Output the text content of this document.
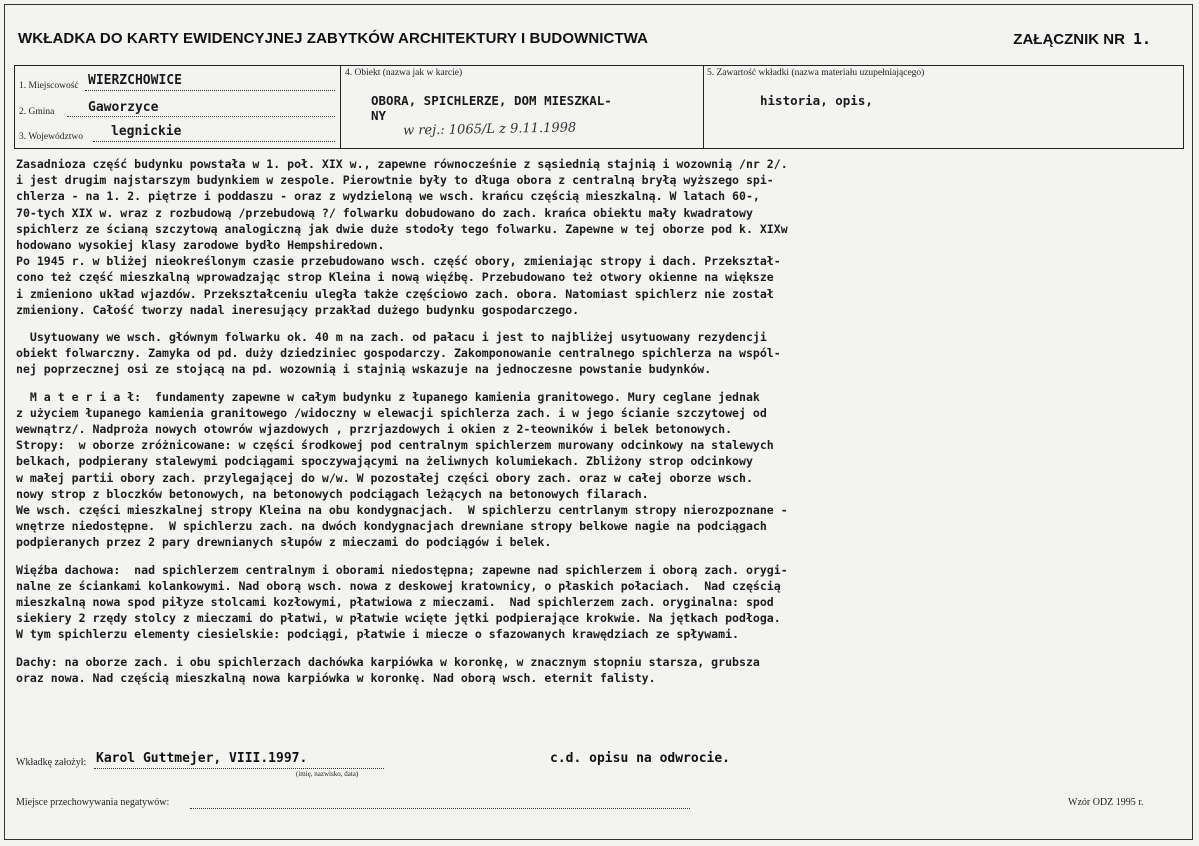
WKŁADKA DO KARTY EWIDENCYJNEJ ZABYTKÓW ARCHITEKTURY I BUDOWNICTWA	ZAŁĄCZNIK NR 1.
1. Miejscowość WIERZCHOWICE
2. Gmina	Gaworzyce
3. Województwo legnickie
4. Obiekt (nazwa jak w karcie)
OBORA, SPICHLERZE, DOM MIESZKAL-
NY
w rej.: 1065/L z 9.11.1998
5. Zawartość wkładki (nazwa materiału uzupełniającego)
historia, opis,

Zasadnioza część budynku powstała w 1. poł. XIX w., zapewne równocześnie z sąsiednią stajnią i wozownią /nr 2/.

i jest drugim najstarszym budynkiem w zespole. Pierowtnie były to długa obora z centralną bryłą wyższego spi-

chlerza - na 1. 2. piętrze i poddaszu - oraz z wydzieloną we wsch. krańcu częścią mieszkalną. W latach 60-,

70-tych XIX w. wraz z rozbudową /przebudową ?/ folwarku dobudowano do zach. krańca obiektu mały kwadratowy

spichlerz ze ścianą szczytową analogiczną jak dwie duże stodoły tego folwarku. Zapewne w tej oborze pod k. XIXw

hodowano wysokiej klasy zarodowe bydło Hempshiredown.

Po 1945 r. w bliżej nieokreślonym czasie przebudowano wsch. część obory, zmieniając stropy i dach. Przekształ-

cono też część mieszkalną wprowadzając strop Kleina i nową więźbę. Przebudowano też otwory okienne na większe

i zmieniono układ wjazdów. Przekształceniu uległa także częściowo zach. obora. Natomiast spichlerz nie został

zmieniony. Całość tworzy nadal ineresujący przakład dużego budynku gospodarczego.

Usytuowany we wsch. głównym folwarku ok. 40 m na zach. od pałacu i jest to najbliżej usytuowany rezydencji

obiekt folwarczny. Zamyka od pd. duży dziedziniec gospodarczy. Zakomponowanie centralnego spichlerza na wspól-

nej poprzecznej osi ze stojącą na pd. wozownią i stajnią wskazuje na jednoczesne powstanie budynków.

M a t e r i a ł:  fundamenty zapewne w całym budynku z łupanego kamienia granitowego. Mury ceglane jednak

z użyciem łupanego kamienia granitowego /widoczny w elewacji spichlerza zach. i w jego ścianie szczytowej od

wewnątrz/. Nadproża nowych otowrów wjazdowych , przrjazdowych i okien z 2-teowników i belek betonowych.

Stropy:  w oborze zróżnicowane: w części środkowej pod centralnym spichlerzem murowany odcinkowy na stalewych

belkach, podpierany stalewymi podciągami spoczywającymi na żeliwnych kolumiekach. Zbliżony strop odcinkowy

w małej partii obory zach. przylegającej do w/w. W pozostałej części obory zach. oraz w całej oborze wsch.

nowy strop z bloczków betonowych, na betonowych podciągach leżących na betonowych filarach.

We wsch. części mieszkalnej stropy Kleina na obu kondygnacjach.  W spichlerzu centrlanym stropy nierozpoznane -

wnętrze niedostępne.  W spichlerzu zach. na dwóch kondygnacjach drewniane stropy belkowe nagie na podciągach

podpieranych przez 2 pary drewnianych słupów z mieczami do podciągów i belek.

Więźba dachowa:  nad spichlerzem centralnym i oborami niedostępna; zapewne nad spichlerzem i oborą zach. orygi-

nalne ze ściankami kolankowymi. Nad oborą wsch. nowa z deskowej kratownicy, o płaskich połaciach.  Nad częścią

mieszkalną nowa spod piłyze stolcami kozłowymi, płatwiowa z mieczami.  Nad spichlerzem zach. oryginalna: spod

siekiery 2 rzędy stolcy z mieczami do płatwi, w płatwie wcięte jętki podpierające krokwie. Na jętkach podłoga.

W tym spichlerzu elementy ciesielskie: podciągi, płatwie i miecze o sfazowanych krawędziach ze spływami.

Dachy: na oborze zach. i obu spichlerzach dachówka karpiówka w koronkę, w znacznym stopniu starsza, grubsza

oraz nowa. Nad częścią mieszkalną nowa karpiówka w koronkę. Nad oborą wsch. eternit falisty.

Wkładkę założył: Karol Guttmejer, VIII.1997.
(imię, nazwisko, data)
c.d. opisu na odwrocie.
Miejsce przechowywania negatywów:	Wzór ODZ 1995 r.
